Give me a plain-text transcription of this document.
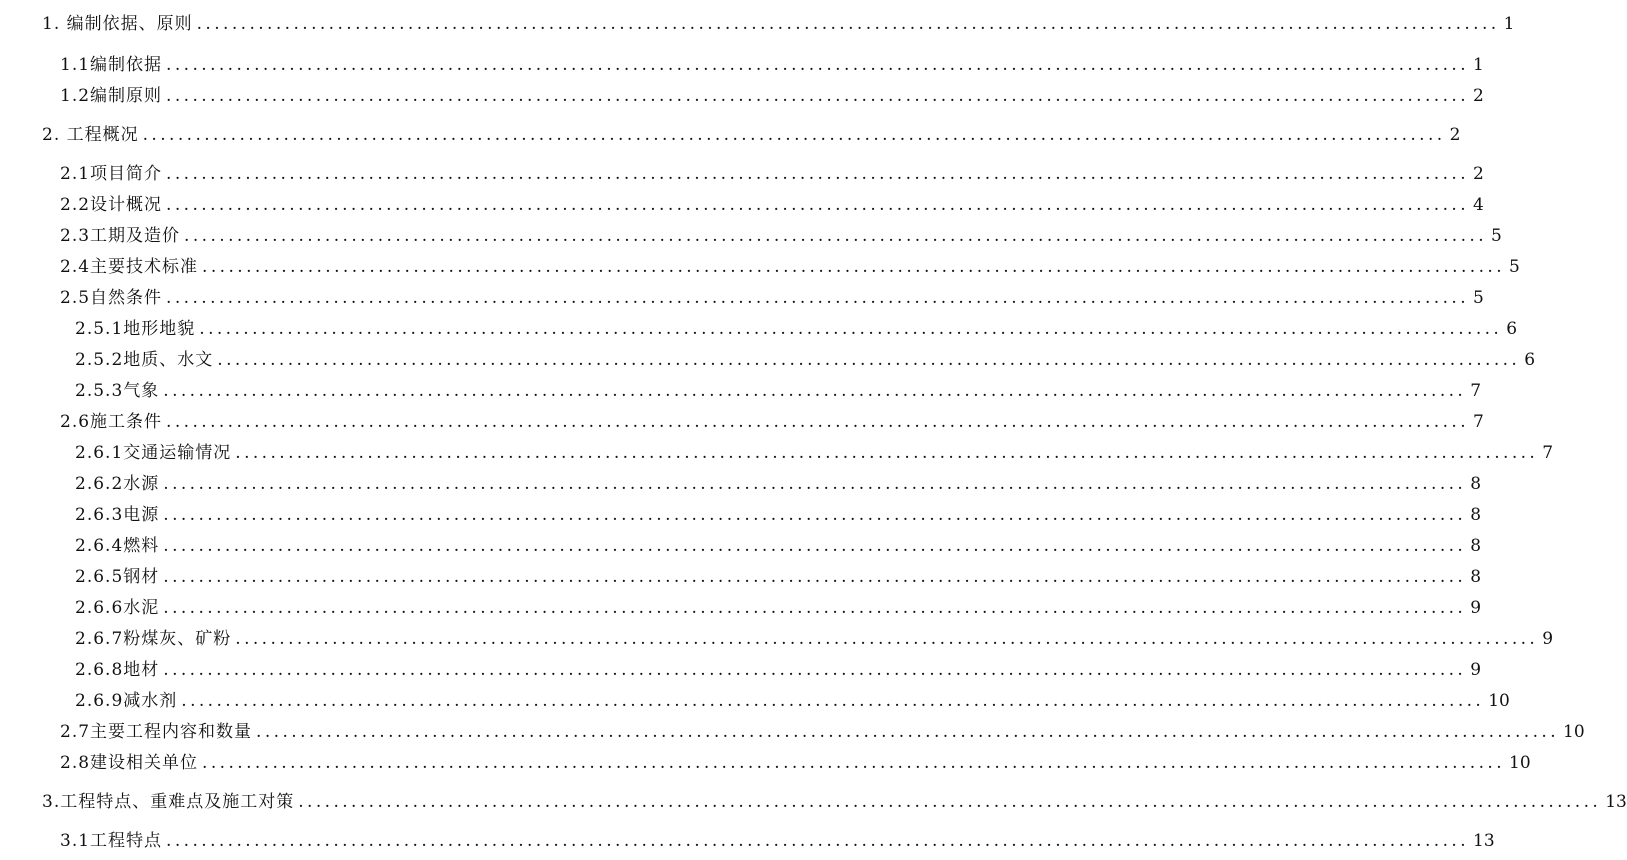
1. 编制依据、原则 .................................................................................................................................................... 1
1.1编制依据 .................................................................................................................................................... 1
1.2编制原则 .................................................................................................................................................... 2
2. 工程概况 .................................................................................................................................................... 2
2.1项目简介 .................................................................................................................................................... 2
2.2设计概况 .................................................................................................................................................... 4
2.3工期及造价 .................................................................................................................................................... 5
2.4主要技术标准 .................................................................................................................................................... 5
2.5自然条件 .................................................................................................................................................... 5
2.5.1地形地貌 .................................................................................................................................................... 6
2.5.2地质、水文 .................................................................................................................................................... 6
2.5.3气象 .................................................................................................................................................... 7
2.6施工条件 .................................................................................................................................................... 7
2.6.1交通运输情况 .................................................................................................................................................... 7
2.6.2水源 .................................................................................................................................................... 8
2.6.3电源 .................................................................................................................................................... 8
2.6.4燃料 .................................................................................................................................................... 8
2.6.5钢材 .................................................................................................................................................... 8
2.6.6水泥 .................................................................................................................................................... 9
2.6.7粉煤灰、矿粉 .................................................................................................................................................... 9
2.6.8地材 .................................................................................................................................................... 9
2.6.9减水剂 .................................................................................................................................................... 10
2.7主要工程内容和数量 .................................................................................................................................................... 10
2.8建设相关单位 .................................................................................................................................................... 10
3.工程特点、重难点及施工对策 .................................................................................................................................................... 13
3.1工程特点 .................................................................................................................................................... 13
